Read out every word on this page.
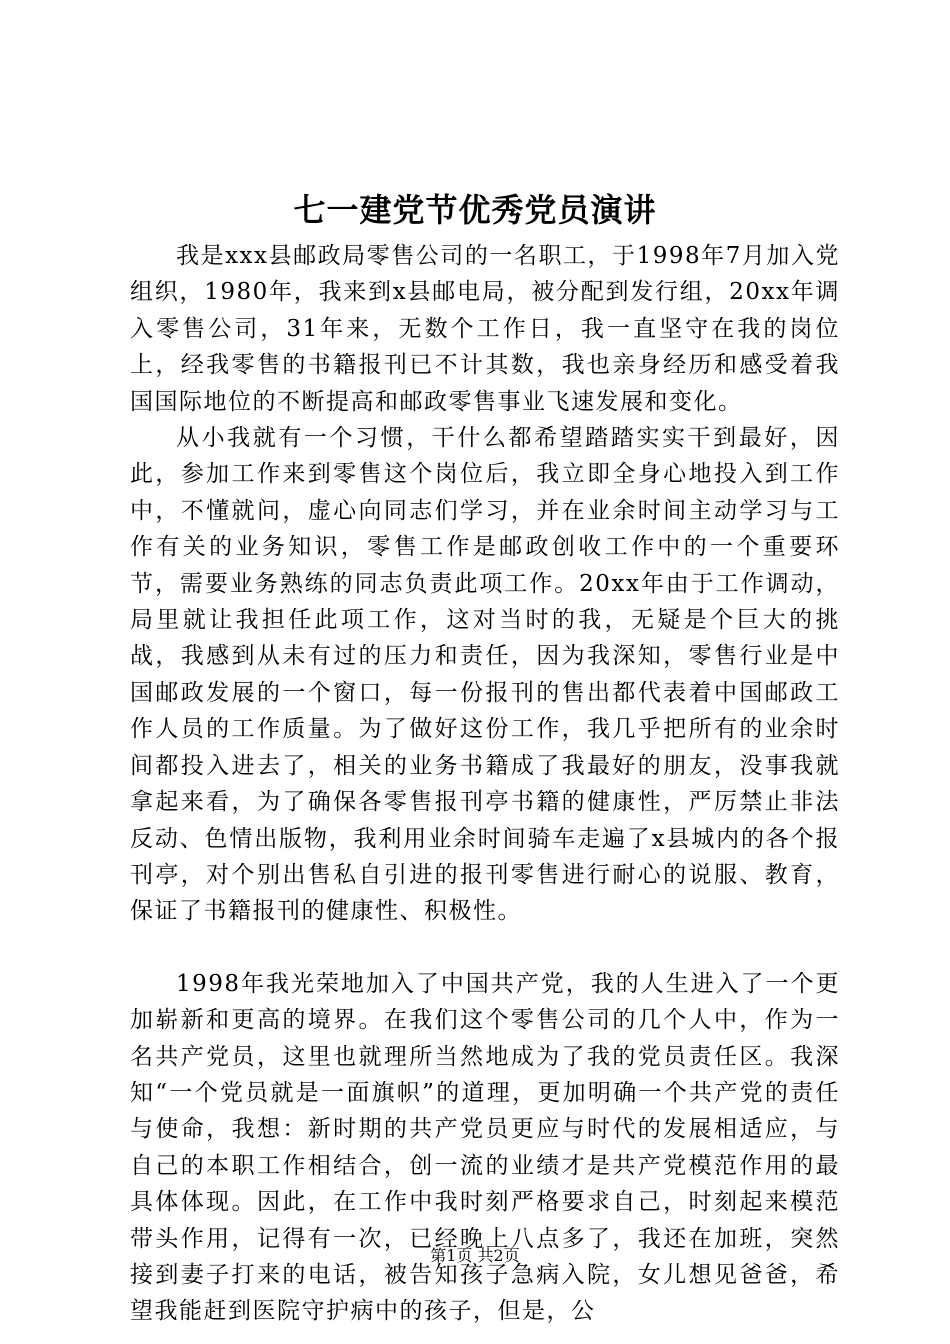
七一建党节优秀党员演讲

我是xxx县邮政局零售公司的一名职工，于1998年7月加入党组织，1980年，我来到x县邮电局，被分配到发行组，20xx年调入零售公司，31年来，无数个工作日，我一直坚守在我的岗位上，经我零售的书籍报刊已不计其数，我也亲身经历和感受着我国国际地位的不断提高和邮政零售事业飞速发展和变化。

从小我就有一个习惯，干什么都希望踏踏实实干到最好，因此，参加工作来到零售这个岗位后，我立即全身心地投入到工作中，不懂就问，虚心向同志们学习，并在业余时间主动学习与工作有关的业务知识，零售工作是邮政创收工作中的一个重要环节，需要业务熟练的同志负责此项工作。20xx年由于工作调动，局里就让我担任此项工作，这对当时的我，无疑是个巨大的挑战，我感到从未有过的压力和责任，因为我深知，零售行业是中国邮政发展的一个窗口，每一份报刊的售出都代表着中国邮政工作人员的工作质量。为了做好这份工作，我几乎把所有的业余时间都投入进去了，相关的业务书籍成了我最好的朋友，没事我就拿起来看，为了确保各零售报刊亭书籍的健康性，严厉禁止非法反动、色情出版物，我利用业余时间骑车走遍了x县城内的各个报刊亭，对个别出售私自引进的报刊零售进行耐心的说服、教育，保证了书籍报刊的健康性、积极性。

1998年我光荣地加入了中国共产党，我的人生进入了一个更加崭新和更高的境界。在我们这个零售公司的几个人中，作为一名共产党员，这里也就理所当然地成为了我的党员责任区。我深知“一个党员就是一面旗帜”的道理，更加明确一个共产党的责任与使命，我想：新时期的共产党员更应与时代的发展相适应，与自己的本职工作相结合，创一流的业绩才是共产党模范作用的最具体体现。因此，在工作中我时刻严格要求自己，时刻起来模范带头作用，记得有一次，已经晚上八点多了，我还在加班，突然接到妻子打来的电话，被告知孩子急病入院，女儿想见爸爸，希望我能赶到医院守护病中的孩子，但是，公

第1页 共2页
